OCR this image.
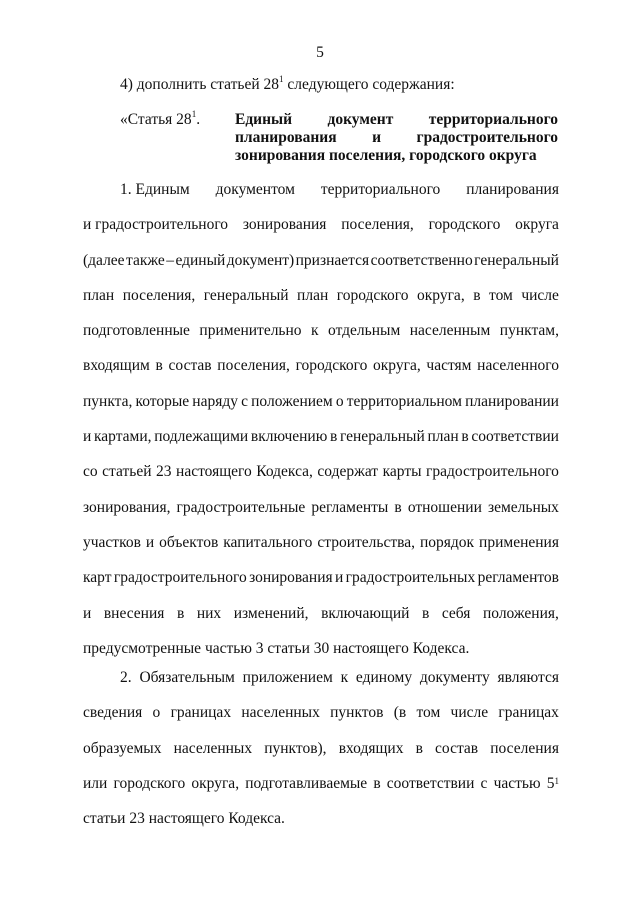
5
4) дополнить статьей $28^1$ следующего содержания:
«Статья $28^1$. Единый документ территориального
планирования и градостроительного
зонирования поселения, городского округа
1. Единым документом территориального планирования
и градостроительного зонирования поселения, городского округа
(далее также – единый документ) признается соответственно генеральный
план поселения, генеральный план городского округа, в том числе
подготовленные применительно к отдельным населенным пунктам,
входящим в состав поселения, городского округа, частям населенного
пункта, которые наряду с положением о территориальном планировании
и картами, подлежащими включению в генеральный план в соответствии
со статьей 23 настоящего Кодекса, содержат карты градостроительного
зонирования, градостроительные регламенты в отношении земельных
участков и объектов капитального строительства, порядок применения
карт градостроительного зонирования и градостроительных регламентов
и внесения в них изменений, включающий в себя положения,
предусмотренные частью 3 статьи 30 настоящего Кодекса.
2. Обязательным приложением к единому документу являются
сведения о границах населенных пунктов (в том числе границах
образуемых населенных пунктов), входящих в состав поселения
или городского округа, подготавливаемые в соответствии с частью $5^1$
статьи 23 настоящего Кодекса.
